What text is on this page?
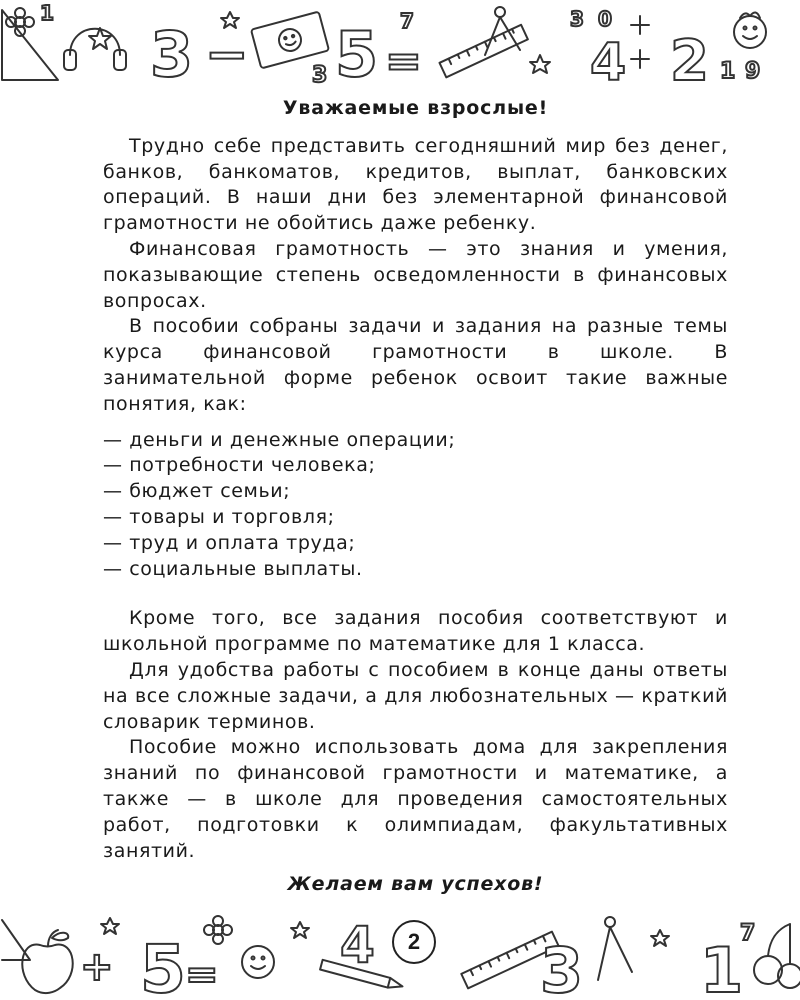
1
3 − 5 =	4 2 9
3
7	3 0
1
Уважаемые взрослые!

Трудно себе представить сегодняшний мир без денег, банков, банкоматов, кредитов, выплат, банковских операций. В наши дни без элементарной финансовой грамотности не обойтись даже ребенку.

Финансовая грамотность — это знания и умения, показывающие степень осведомленности в финансовых вопросах.

В пособии собраны задачи и задания на разные темы курса финансовой грамотности в школе. В занимательной форме ребенок освоит такие важные понятия, как:

— деньги и денежные операции;
— потребности человека;
— бюджет семьи;
— товары и торговля;
— труд и оплата труда;
— социальные выплаты.

Кроме того, все задания пособия соответствуют и школьной программе по математике для 1 класса.

Для удобства работы с пособием в конце даны ответы на все сложные задачи, а для любознательных — краткий словарик терминов.

Пособие можно использовать дома для закрепления знаний по финансовой грамотности и математике, а также — в школе для проведения самостоятельных работ, подготовки к олимпиадам, факультативных занятий.

Желаем вам успехов!
+ 5 =
4	3 1
7
2
